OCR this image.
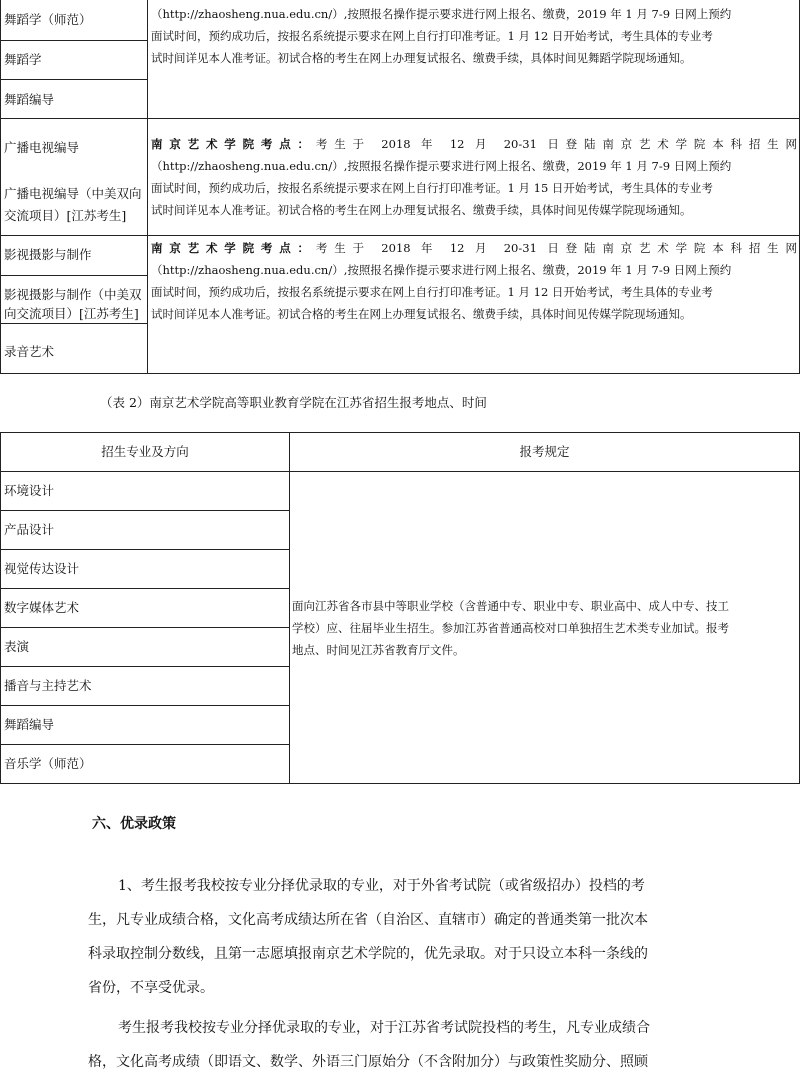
舞蹈学（师范）
舞蹈学
舞蹈编导
广播电视编导
广播电视编导（中美双向
交流项目）[江苏考生]
影视摄影与制作
影视摄影与制作（中美双
向交流项目）[江苏考生]
录音艺术
（http://zhaosheng.nua.edu.cn/）,按照报名操作提示要求进行网上报名、缴费，2019 年 1 月 7-9 日网上预约
面试时间，预约成功后，按报名系统提示要求在网上自行打印准考证。1 月 12 日开始考试，考生具体的专业考
试时间详见本人准考证。初试合格的考生在网上办理复试报名、缴费手续，具体时间见舞蹈学院现场通知。
南京艺术学院考点：考生于 2018 年 12 月 20-31 日登陆南京艺术学院本科招生网
（http://zhaosheng.nua.edu.cn/）,按照报名操作提示要求进行网上报名、缴费，2019 年 1 月 7-9 日网上预约
面试时间，预约成功后，按报名系统提示要求在网上自行打印准考证。1 月 15 日开始考试，考生具体的专业考
试时间详见本人准考证。初试合格的考生在网上办理复试报名、缴费手续，具体时间见传媒学院现场通知。
南京艺术学院考点：考生于 2018 年 12 月 20-31 日登陆南京艺术学院本科招生网
（http://zhaosheng.nua.edu.cn/）,按照报名操作提示要求进行网上报名、缴费，2019 年 1 月 7-9 日网上预约
面试时间，预约成功后，按报名系统提示要求在网上自行打印准考证。1 月 12 日开始考试，考生具体的专业考
试时间详见本人准考证。初试合格的考生在网上办理复试报名、缴费手续，具体时间见传媒学院现场通知。
（表 2）南京艺术学院高等职业教育学院在江苏省招生报考地点、时间
招生专业及方向	报考规定
环境设计
产品设计
视觉传达设计
数字媒体艺术
表演
播音与主持艺术
舞蹈编导
音乐学（师范）
面向江苏省各市县中等职业学校（含普通中专、职业中专、职业高中、成人中专、技工
学校）应、往届毕业生招生。参加江苏省普通高校对口单独招生艺术类专业加试。报考
地点、时间见江苏省教育厅文件。
六、优录政策
1、考生报考我校按专业分择优录取的专业，对于外省考试院（或省级招办）投档的考
生，凡专业成绩合格，文化高考成绩达所在省（自治区、直辖市）确定的普通类第一批次本
科录取控制分数线，且第一志愿填报南京艺术学院的，优先录取。对于只设立本科一条线的
省份，不享受优录。
考生报考我校按专业分择优录取的专业，对于江苏省考试院投档的考生，凡专业成绩合
格，文化高考成绩（即语文、数学、外语三门原始分（不含附加分）与政策性奖励分、照顾
